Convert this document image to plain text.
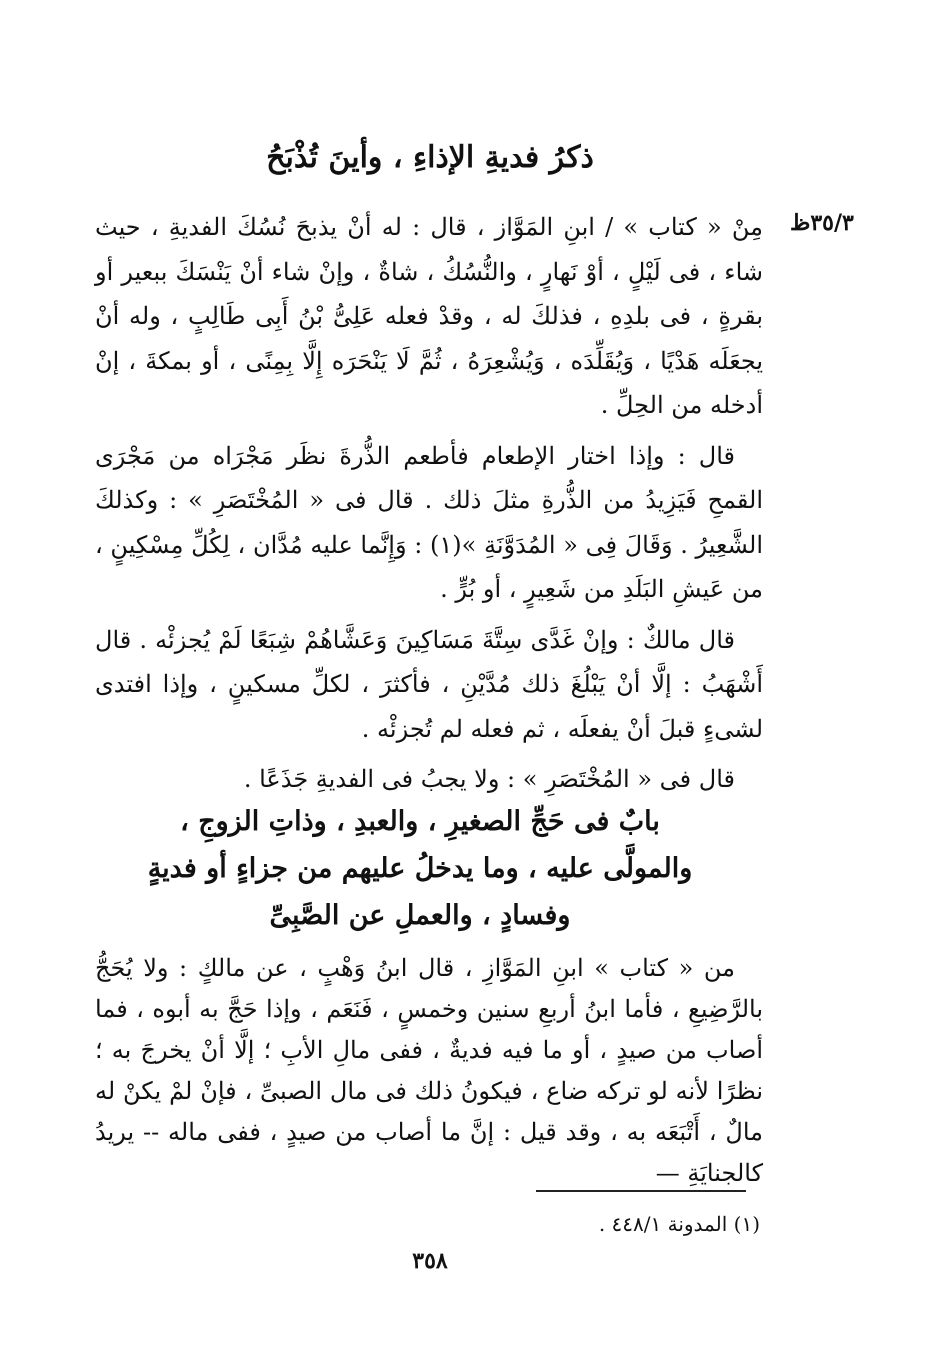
٣٥/٣ظ
ذكرُ فديةِ الإذاءِ ، وأينَ تُذْبَحُ

مِنْ « كتاب » / ابنِ المَوَّاز ، قال : له أنْ يذبحَ نُسُكَ الفديةِ ، حيث شاء ، فى لَيْلٍ ، أوْ نَهارٍ ، والنُّسُكُ ، شاةٌ ، وإنْ شاء أنْ يَنْسَكَ ببعير أو بقرةٍ ، فى بلدِهِ ، فذلكَ له ، وقدْ فعله عَلِىُّ بْنُ أَبِى طَالِبٍ ، وله أنْ يجعَلَه هَدْيًا ، وَيُقَلِّدَه ، وَيُشْعِرَهُ ، ثُمَّ لَا يَنْحَرَه إِلَّا بِمِنًى ، أو بمكةَ ، إنْ أدخله من الحِلِّ .

قال : وإذا اختار الإطعام فأطعم الذُّرةَ نظَر مَجْرَاه من مَجْرَى القمحِ فَيَزِيدُ من الذُّرةِ مثلَ ذلك . قال فى « المُخْتَصَرِ » : وكذلكَ الشَّعِيرُ . وَقَالَ فِى « المُدَوَّنَةِ »(١) : وَإِنَّما عليه مُدَّان ، لِكُلِّ مِسْكِينٍ ، من عَيشِ البَلَدِ من شَعِيرٍ ، أو بُرٍّ .

قال مالكٌ : وإنْ غَدَّى سِتَّةَ مَسَاكِينَ وَعَشَّاهُمْ شِبَعًا لَمْ يُجزئْه . قال أَشْهَبُ : إلَّا أنْ يَبْلُغَ ذلك مُدَّيْنِ ، فأكثرَ ، لكلِّ مسكينٍ ، وإذا افتدى لشىءٍ قبلَ أنْ يفعلَه ، ثم فعله لم تُجزئْه .

قال فى « المُخْتَصَرِ » : ولا يجبُ فى الفديةِ جَذَعًا .

بابٌ فى حَجِّ الصغيرِ ، والعبدِ ، وذاتِ الزوجِ ،
والمولَّى عليه ، وما يدخلُ عليهم من جزاءٍ أو فديةٍ
وفسادٍ ، والعملِ عن الصَّبِىِّ

من « كتاب » ابنِ المَوَّازِ ، قال ابنُ وَهْبٍ ، عن مالكٍ : ولا يُحَجُّ بالرَّضِيعِ ، فأما ابنُ أربعِ سنين وخمسٍ ، فَنَعَم ، وإذا حَجَّ به أبوه ، فما أصاب من صيدٍ ، أو ما فيه فديةٌ ، ففى مالِ الأبِ ؛ إلَّا أنْ يخرجَ به ؛ نظرًا لأنه لو تركه ضاع ، فيكونُ ذلك فى مال الصبىِّ ، فإنْ لمْ يكنْ له مالٌ ، أَتْبَعَه به ، وقد قيل : إنَّ ما أصاب من صيدٍ ، ففى ماله -- يريدُ كالجنايَةِ —

(١) المدونة ٤٤٨/١ .
٣٥٨
